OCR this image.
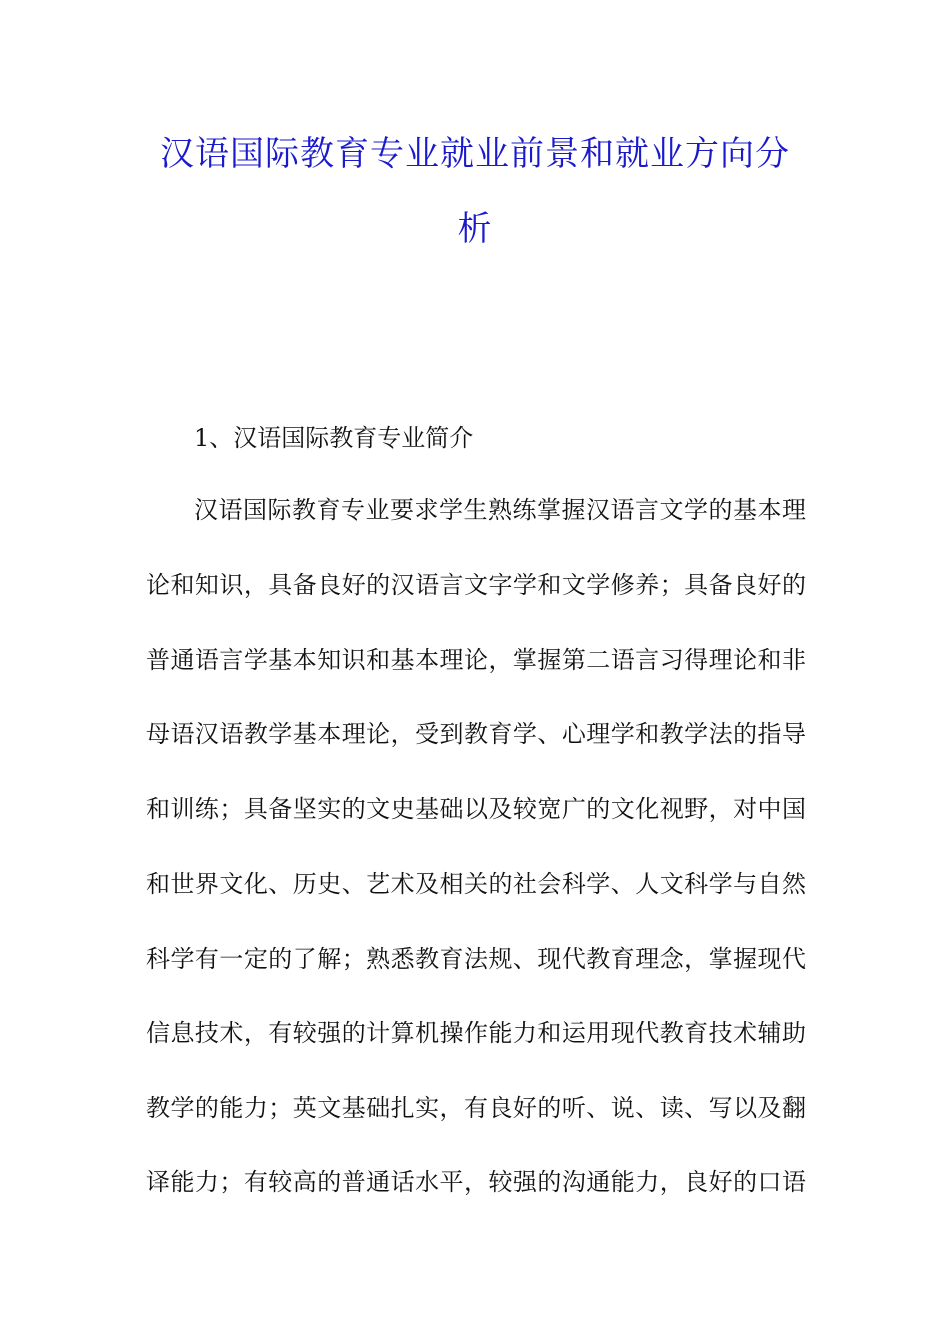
汉语国际教育专业就业前景和就业方向分
析
1、汉语国际教育专业简介
汉语国际教育专业要求学生熟练掌握汉语言文学的基本理
论和知识，具备良好的汉语言文字学和文学修养；具备良好的
普通语言学基本知识和基本理论，掌握第二语言习得理论和非
母语汉语教学基本理论，受到教育学、心理学和教学法的指导
和训练；具备坚实的文史基础以及较宽广的文化视野，对中国
和世界文化、历史、艺术及相关的社会科学、人文科学与自然
科学有一定的了解；熟悉教育法规、现代教育理念，掌握现代
信息技术，有较强的计算机操作能力和运用现代教育技术辅助
教学的能力；英文基础扎实，有良好的听、说、读、写以及翻
译能力；有较高的普通话水平，较强的沟通能力，良好的口语
